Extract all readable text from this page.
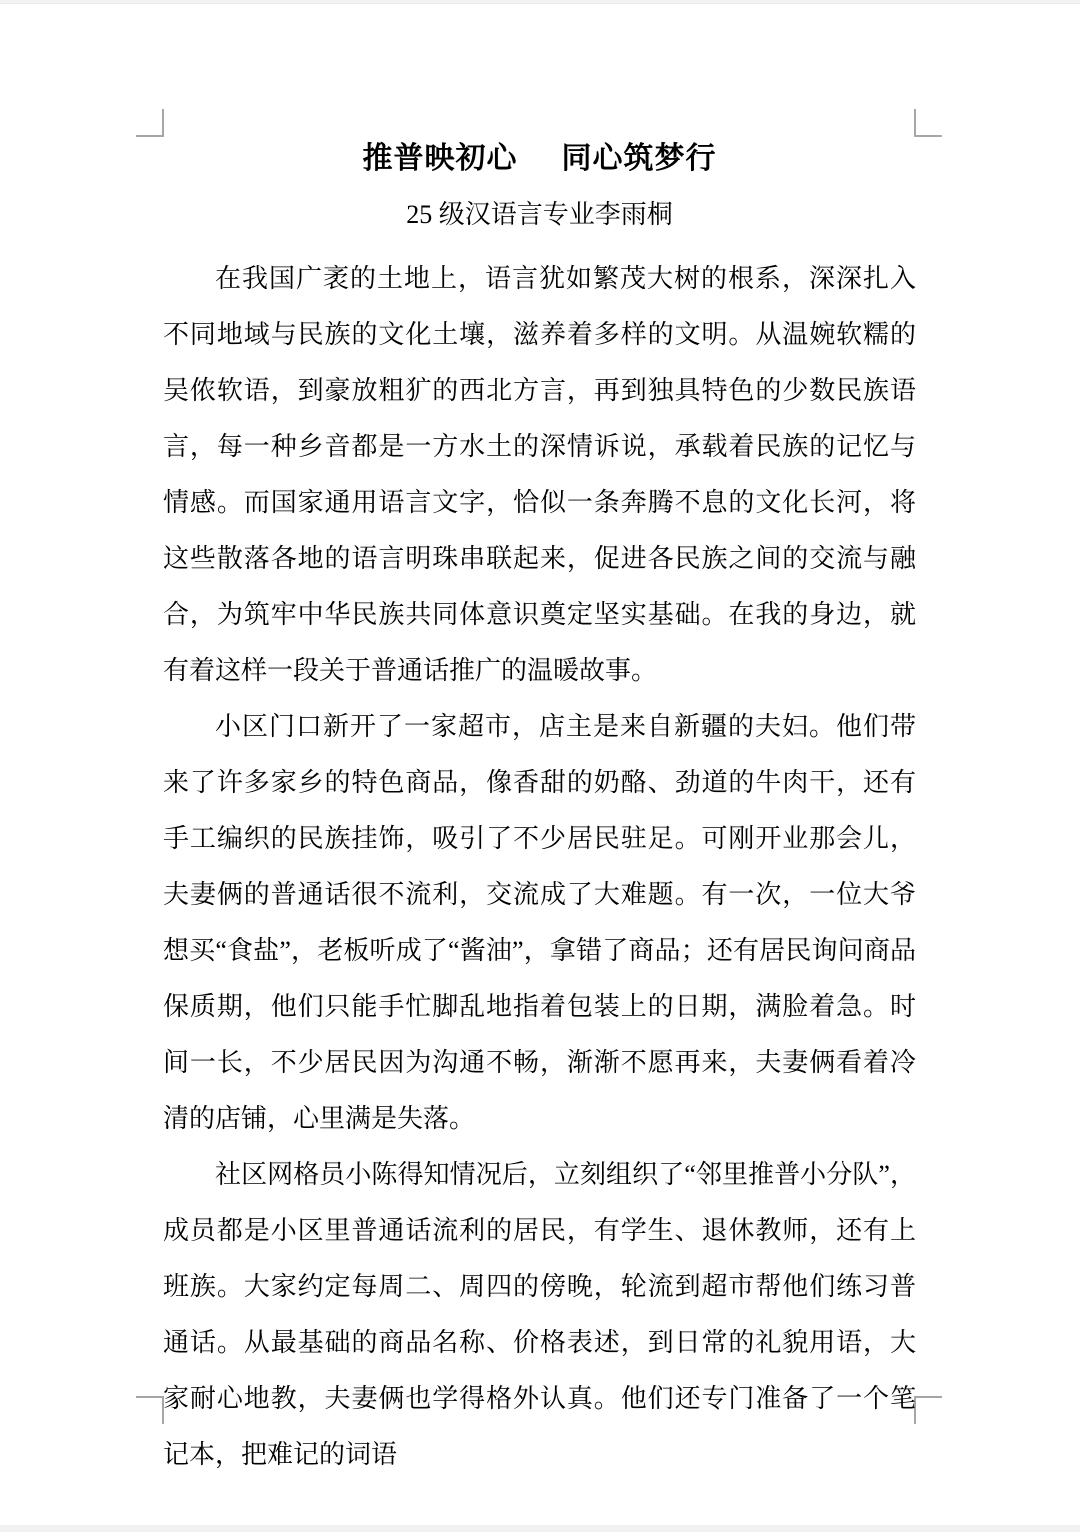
推普映初心 同心筑梦行
25 级汉语言专业李雨桐

在我国广袤的土地上，语言犹如繁茂大树的根系，深深扎入不同地域与民族的文化土壤，滋养着多样的文明。从温婉软糯的吴侬软语，到豪放粗犷的西北方言，再到独具特色的少数民族语言，每一种乡音都是一方水土的深情诉说，承载着民族的记忆与情感。而国家通用语言文字，恰似一条奔腾不息的文化长河，将这些散落各地的语言明珠串联起来，促进各民族之间的交流与融合，为筑牢中华民族共同体意识奠定坚实基础。在我的身边，就有着这样一段关于普通话推广的温暖故事。

小区门口新开了一家超市，店主是来自新疆的夫妇。他们带来了许多家乡的特色商品，像香甜的奶酪、劲道的牛肉干，还有手工编织的民族挂饰，吸引了不少居民驻足。可刚开业那会儿，夫妻俩的普通话很不流利，交流成了大难题。有一次，一位大爷想买“食盐”，老板听成了“酱油”，拿错了商品；还有居民询问商品保质期，他们只能手忙脚乱地指着包装上的日期，满脸着急。时间一长，不少居民因为沟通不畅，渐渐不愿再来，夫妻俩看着冷清的店铺，心里满是失落。

社区网格员小陈得知情况后，立刻组织了“邻里推普小分队”，成员都是小区里普通话流利的居民，有学生、退休教师，还有上班族。大家约定每周二、周四的傍晚，轮流到超市帮他们练习普通话。从最基础的商品名称、价格表述，到日常的礼貌用语，大家耐心地教，夫妻俩也学得格外认真。他们还专门准备了一个笔记本，把难记的词语
